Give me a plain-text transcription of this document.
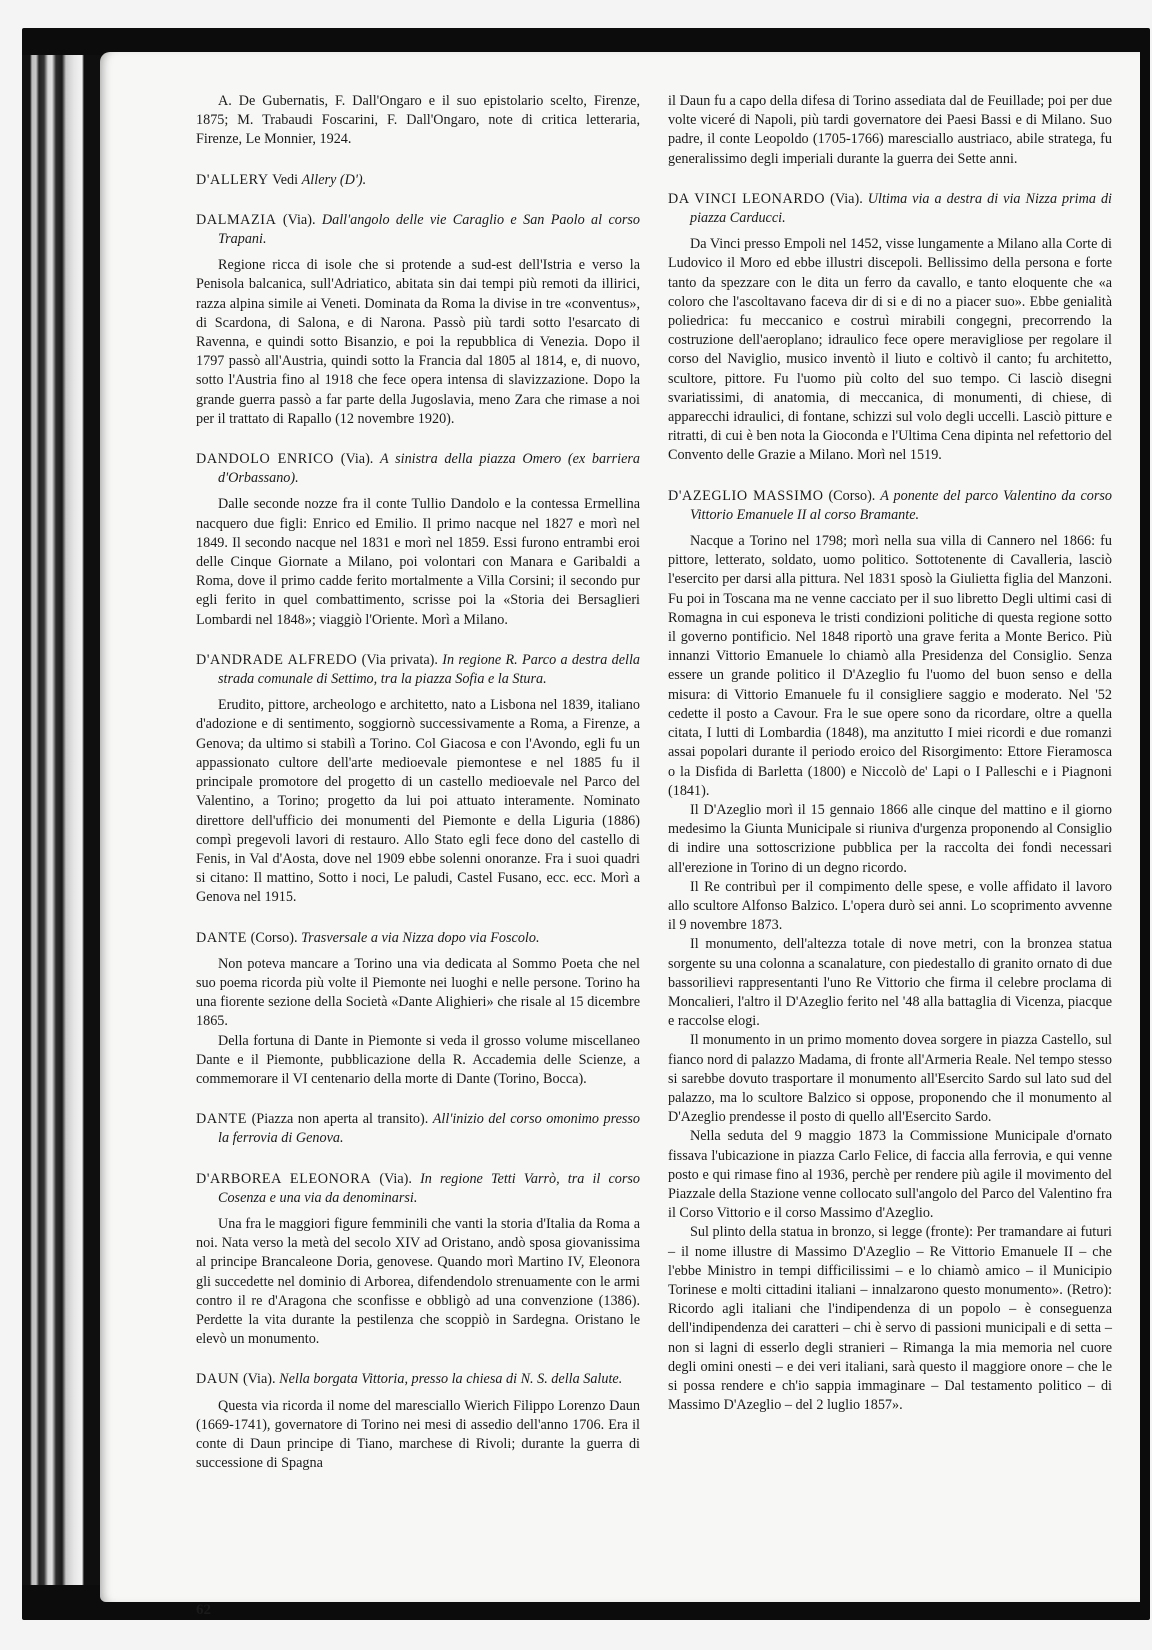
A. De Gubernatis, F. Dall'Ongaro e il suo epistolario scelto, Firenze, 1875; M. Trabaudi Foscarini, F. Dall'Ongaro, note di critica letteraria, Firenze, Le Monnier, 1924.

D'ALLERY Vedi Allery (D').
DALMAZIA (Via). Dall'angolo delle vie Caraglio e San Paolo al corso Trapani.

Regione ricca di isole che si protende a sud-est dell'Istria e verso la Penisola balcanica, sull'Adriatico, abitata sin dai tempi più remoti da illirici, razza alpina simile ai Veneti. Dominata da Roma la divise in tre «conventus», di Scardona, di Salona, e di Narona. Passò più tardi sotto l'esarcato di Ravenna, e quindi sotto Bisanzio, e poi la repubblica di Venezia. Dopo il 1797 passò all'Austria, quindi sotto la Francia dal 1805 al 1814, e, di nuovo, sotto l'Austria fino al 1918 che fece opera intensa di slavizzazione. Dopo la grande guerra passò a far parte della Jugoslavia, meno Zara che rimase a noi per il trattato di Rapallo (12 novembre 1920).

DANDOLO ENRICO (Via). A sinistra della piazza Omero (ex barriera d'Orbassano).

Dalle seconde nozze fra il conte Tullio Dandolo e la contessa Ermellina nacquero due figli: Enrico ed Emilio. Il primo nacque nel 1827 e morì nel 1849. Il secondo nacque nel 1831 e morì nel 1859. Essi furono entrambi eroi delle Cinque Giornate a Milano, poi volontari con Manara e Garibaldi a Roma, dove il primo cadde ferito mortalmente a Villa Corsini; il secondo pur egli ferito in quel combattimento, scrisse poi la «Storia dei Bersaglieri Lombardi nel 1848»; viaggiò l'Oriente. Morì a Milano.

D'ANDRADE ALFREDO (Via privata). In regione R. Parco a destra della strada comunale di Settimo, tra la piazza Sofia e la Stura.

Erudito, pittore, archeologo e architetto, nato a Lisbona nel 1839, italiano d'adozione e di sentimento, soggiornò successivamente a Roma, a Firenze, a Genova; da ultimo si stabilì a Torino. Col Giacosa e con l'Avondo, egli fu un appassionato cultore dell'arte medioevale piemontese e nel 1885 fu il principale promotore del progetto di un castello medioevale nel Parco del Valentino, a Torino; progetto da lui poi attuato interamente. Nominato direttore dell'ufficio dei monumenti del Piemonte e della Liguria (1886) compì pregevoli lavori di restauro. Allo Stato egli fece dono del castello di Fenis, in Val d'Aosta, dove nel 1909 ebbe solenni onoranze. Fra i suoi quadri si citano: Il mattino, Sotto i noci, Le paludi, Castel Fusano, ecc. ecc. Morì a Genova nel 1915.

DANTE (Corso). Trasversale a via Nizza dopo via Foscolo.

Non poteva mancare a Torino una via dedicata al Sommo Poeta che nel suo poema ricorda più volte il Piemonte nei luoghi e nelle persone. Torino ha una fiorente sezione della Società «Dante Alighieri» che risale al 15 dicembre 1865.

Della fortuna di Dante in Piemonte si veda il grosso volume miscellaneo Dante e il Piemonte, pubblicazione della R. Accademia delle Scienze, a commemorare il VI centenario della morte di Dante (Torino, Bocca).

DANTE (Piazza non aperta al transito). All'inizio del corso omonimo presso la ferrovia di Genova.
D'ARBOREA ELEONORA (Via). In regione Tetti Varrò, tra il corso Cosenza e una via da denominarsi.

Una fra le maggiori figure femminili che vanti la storia d'Italia da Roma a noi. Nata verso la metà del secolo XIV ad Oristano, andò sposa giovanissima al principe Brancaleone Doria, genovese. Quando morì Martino IV, Eleonora gli succedette nel dominio di Arborea, difendendolo strenuamente con le armi contro il re d'Aragona che sconfisse e obbligò ad una convenzione (1386). Perdette la vita durante la pestilenza che scoppiò in Sardegna. Oristano le elevò un monumento.

DAUN (Via). Nella borgata Vittoria, presso la chiesa di N. S. della Salute.

Questa via ricorda il nome del maresciallo Wierich Filippo Lorenzo Daun (1669-1741), governatore di Torino nei mesi di assedio dell'anno 1706. Era il conte di Daun principe di Tiano, marchese di Rivoli; durante la guerra di successione di Spagna

il Daun fu a capo della difesa di Torino assediata dal de Feuillade; poi per due volte viceré di Napoli, più tardi governatore dei Paesi Bassi e di Milano. Suo padre, il conte Leopoldo (1705-1766) maresciallo austriaco, abile stratega, fu generalissimo degli imperiali durante la guerra dei Sette anni.

DA VINCI LEONARDO (Via). Ultima via a destra di via Nizza prima di piazza Carducci.

Da Vinci presso Empoli nel 1452, visse lungamente a Milano alla Corte di Ludovico il Moro ed ebbe illustri discepoli. Bellissimo della persona e forte tanto da spezzare con le dita un ferro da cavallo, e tanto eloquente che «a coloro che l'ascoltavano faceva dir di si e di no a piacer suo». Ebbe genialità poliedrica: fu meccanico e costruì mirabili congegni, precorrendo la costruzione dell'aeroplano; idraulico fece opere meravigliose per regolare il corso del Naviglio, musico inventò il liuto e coltivò il canto; fu architetto, scultore, pittore. Fu l'uomo più colto del suo tempo. Ci lasciò disegni svariatissimi, di anatomia, di meccanica, di monumenti, di chiese, di apparecchi idraulici, di fontane, schizzi sul volo degli uccelli. Lasciò pitture e ritratti, di cui è ben nota la Gioconda e l'Ultima Cena dipinta nel refettorio del Convento delle Grazie a Milano. Morì nel 1519.

D'AZEGLIO MASSIMO (Corso). A ponente del parco Valentino da corso Vittorio Emanuele II al corso Bramante.

Nacque a Torino nel 1798; morì nella sua villa di Cannero nel 1866: fu pittore, letterato, soldato, uomo politico. Sottotenente di Cavalleria, lasciò l'esercito per darsi alla pittura. Nel 1831 sposò la Giulietta figlia del Manzoni. Fu poi in Toscana ma ne venne cacciato per il suo libretto Degli ultimi casi di Romagna in cui esponeva le tristi condizioni politiche di questa regione sotto il governo pontificio. Nel 1848 riportò una grave ferita a Monte Berico. Più innanzi Vittorio Emanuele lo chiamò alla Presidenza del Consiglio. Senza essere un grande politico il D'Azeglio fu l'uomo del buon senso e della misura: di Vittorio Emanuele fu il consigliere saggio e moderato. Nel '52 cedette il posto a Cavour. Fra le sue opere sono da ricordare, oltre a quella citata, I lutti di Lombardia (1848), ma anzitutto I miei ricordi e due romanzi assai popolari durante il periodo eroico del Risorgimento: Ettore Fieramosca o la Disfida di Barletta (1800) e Niccolò de' Lapi o I Palleschi e i Piagnoni (1841).

Il D'Azeglio morì il 15 gennaio 1866 alle cinque del mattino e il giorno medesimo la Giunta Municipale si riuniva d'urgenza proponendo al Consiglio di indire una sottoscrizione pubblica per la raccolta dei fondi necessari all'erezione in Torino di un degno ricordo.

Il Re contribuì per il compimento delle spese, e volle affidato il lavoro allo scultore Alfonso Balzico. L'opera durò sei anni. Lo scoprimento avvenne il 9 novembre 1873.

Il monumento, dell'altezza totale di nove metri, con la bronzea statua sorgente su una colonna a scanalature, con piedestallo di granito ornato di due bassorilievi rappresentanti l'uno Re Vittorio che firma il celebre proclama di Moncalieri, l'altro il D'Azeglio ferito nel '48 alla battaglia di Vicenza, piacque e raccolse elogi.

Il monumento in un primo momento dovea sorgere in piazza Castello, sul fianco nord di palazzo Madama, di fronte all'Armeria Reale. Nel tempo stesso si sarebbe dovuto trasportare il monumento all'Esercito Sardo sul lato sud del palazzo, ma lo scultore Balzico si oppose, proponendo che il monumento al D'Azeglio prendesse il posto di quello all'Esercito Sardo.

Nella seduta del 9 maggio 1873 la Commissione Municipale d'ornato fissava l'ubicazione in piazza Carlo Felice, di faccia alla ferrovia, e qui venne posto e qui rimase fino al 1936, perchè per rendere più agile il movimento del Piazzale della Stazione venne collocato sull'angolo del Parco del Valentino fra il Corso Vittorio e il corso Massimo d'Azeglio.

Sul plinto della statua in bronzo, si legge (fronte): Per tramandare ai futuri – il nome illustre di Massimo D'Azeglio – Re Vittorio Emanuele II – che l'ebbe Ministro in tempi difficilissimi – e lo chiamò amico – il Municipio Torinese e molti cittadini italiani – innalzarono questo monumento». (Retro): Ricordo agli italiani che l'indipendenza di un popolo – è conseguenza dell'indipendenza dei caratteri – chi è servo di passioni municipali e di setta – non si lagni di esserlo degli stranieri – Rimanga la mia memoria nel cuore degli omini onesti – e dei veri italiani, sarà questo il maggiore onore – che le si possa rendere e ch'io sappia immaginare – Dal testamento politico – di Massimo D'Azeglio – del 2 luglio 1857».

62
